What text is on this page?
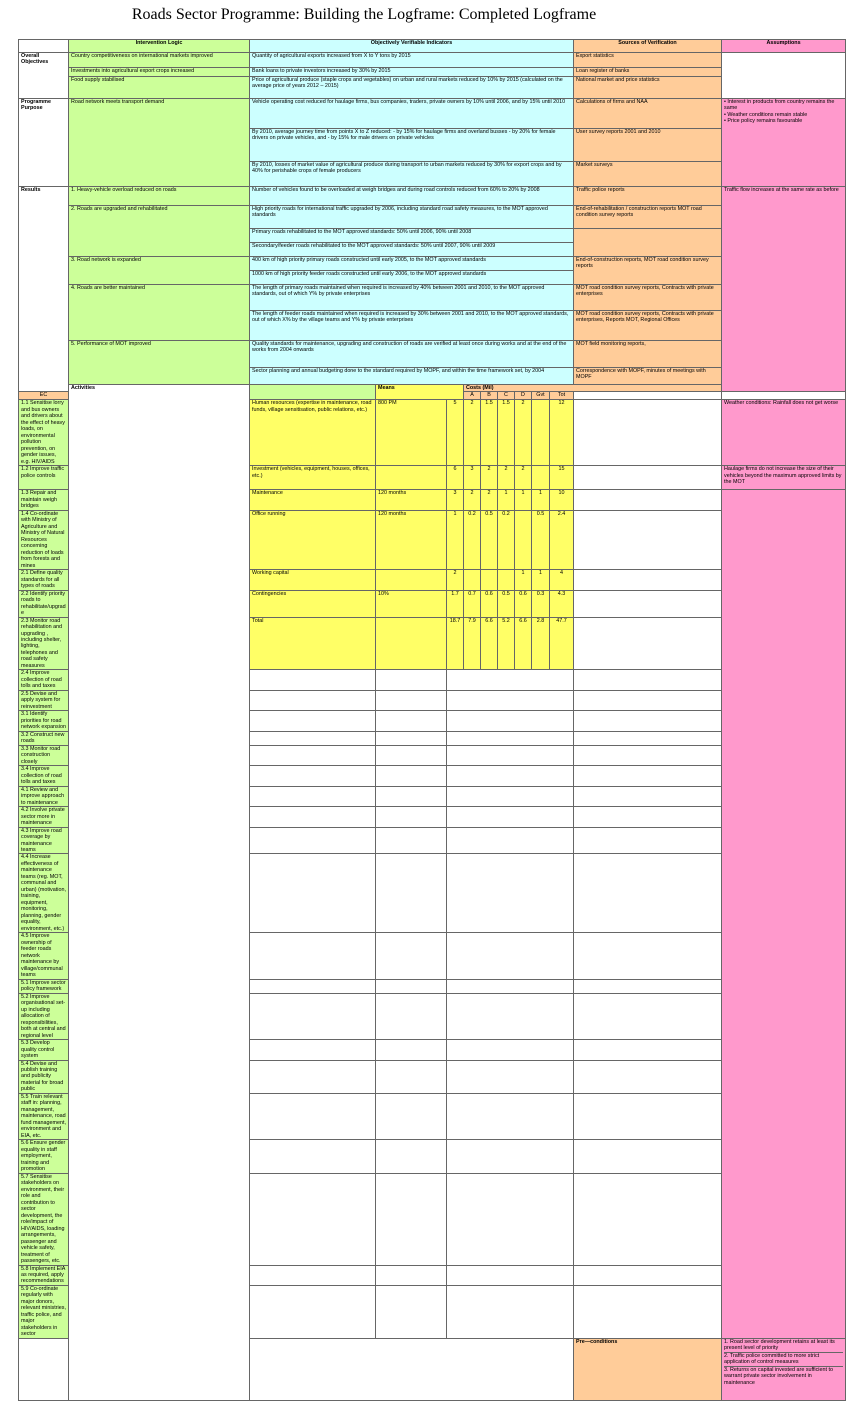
Roads Sector Programme: Building the Logframe: Completed Logframe
	Intervention Logic	Objectively Verifiable Indicators									Sources of Verification	Assumptions	
Overall Objectives	Country competitiveness on international markets improved	Quantity of agricultural exports increased from X to Y tons by 2015									Export statistics		
	Investments into agricultural export crops increased	Bank loans to private investors increased by 30% by 2015									Loan register of banks		
	Food supply stabilised	Price of agricultural produce (staple crops and vegetables) on urban and rural markets reduced by 10% by 2015 (calculated on the average price of years 2012 – 2015)									National market and price statistics		
Programme Purpose	Road network meets transport demand	Vehicle operating cost reduced for haulage firms, bus companies, traders, private owners by 10% until 2006, and by 15% until 2010									Calculations of firms and NAA	• Interest in products from country remains the same
• Weather conditions remain stable
• Price policy remains favourable	

		By 2010, average journey time from points X to Z reduced: - by 15% for haulage firms and overland busses - by 20% for female drivers on private vehicles, and - by 15% for male drivers on private vehicles									User survey reports 2001 and 2010		
		By 2010, losses of market value of agricultural produce during transport to urban markets reduced by 30% for export crops and by 40% for perishable crops of female producers									Market surveys		
Results	1. Heavy-vehicle overload reduced on roads	Number of vehicles found to be overloaded at weigh bridges and during road controls reduced from 60% to 20% by 2008									Traffic police reports	Traffic flow increases at the same rate as before	
	2. Roads are upgraded and rehabilitated	High priority roads for international traffic upgraded by 2006, including standard road safety measures, to the MOT approved standards									End-of-rehabilitation / construction reports MOT road condition survey reports		
		Primary roads rehabilitated to the MOT approved standards: 50% until 2006, 90% until 2008											
		Secondary/feeder roads rehabilitated to the MOT approved standards: 50% until 2007, 90% until 2009											
	3. Road network is expanded	400 km of high priority primary roads constructed until early 2005, to the MOT approved standards									End-of-construction reports, MOT road condition survey reports		
		1000 km of high priority feeder roads constructed until early 2006, to the MOT approved standards											
	4. Roads are better maintained	The length of primary roads maintained when required is increased by 40% between 2001 and 2010, to the MOT approved standards, out of which Y% by private enterprises									MOT road condition survey reports, Contracts with private enterprises		
		The length of feeder roads maintained when required is increased by 30% between 2001 and 2010, to the MOT approved standards, out of which X% by the village teams and Y% by private enterprises									MOT road condition survey reports, Contracts with private enterprises, Reports MOT, Regional Offices		
	5. Performance of MOT improved	Quality standards for maintenance, upgrading and construction of roads are verified at least once during works and at the end of the works from 2004 onwards									MOT field monitoring reports,		
		Sector planning and annual budgeting done to the standard required by MOPF, and within the time framework set, by 2004									Correspondence with MOPF, minutes of meetings with MOPF		
	Activities		Means		Costs (Mil)								
EC					A	B	C	D	Gvt	Tot			
1.1 Sensitise lorry and bus owners and drivers about the effect of heavy loads, on environmental pollution prevention, on gender issues, e.g. HIV/AIDS		Human resources (expertise in maintenance, road funds, village sensitisation, public relations, etc.)	800 PM	5	2	1.5	1.5	2		12		Weather conditions: Rainfall does not get worse	
1.2 Improve traffic police controls		Investment (vehicles, equipment, houses, offices, etc.)		6	3	2	2	2		15		Haulage firms do not increase the size of their vehicles beyond the maximum approved limits by the MOT	
1.3 Repair and maintain weigh bridges		Maintenance	120 months	3	2	2	1	1	1	10			
1.4 Co-ordinate with Ministry of Agriculture and Ministry of Natural Resources concerning reduction of loads from forests and mines		Office running	120 months	1	0.2	0.5	0.2		0.5	2.4			
2.1 Define quality standards for all types of roads		Working capital		2				1	1	4			
2.2 Identify priority roads to rehabilitate/upgrade		Contingencies	10%	1.7	0.7	0.6	0.5	0.6	0.3	4.3			
2.3 Monitor road rehabilitation and upgrading , including shelter, lighting, telephones and road safety measures		Total		18.7	7.9	6.6	5.2	6.6	2.8	47.7			
2.4 Improve collection of road tolls and taxes													
2.5 Devise and apply system for reinvestment													
3.1 Identify priorities for road network expansion													
3.2 Construct new roads													
3.3 Monitor road construction closely													
3.4 Improve collection of road tolls and taxes													
4.1 Review and improve approach to maintenance													
4.2 Involve private sector more in maintenance													
4.3 Improve road coverage by maintenance teams													
4.4 Increase effectiveness of maintenance teams (reg. MOT, communal and urban) (motivation, training, equipment, monitoring, planning, gender equality, environment, etc.)													
4.5 Improve ownership of feeder roads network maintenance by village/communal teams													
5.1 Improve sector policy framework													
5.2 Improve organisational set-up including allocation of responsibilities, both at central and regional level													
5.3 Develop quality control system													
5.4 Devise and publish training and publicity material for broad public													
5.5 Train relevant staff in: planning, management, maintenance, road fund management, environment and EIA, etc.													
5.6 Ensure gender equality in staff employment, training and promotion													
5.7 Sensitise stakeholders on environment, their role and contribution to sector development, the role/impact of HIV/AIDS, loading arrangements, passenger and vehicle safety, treatment of passengers, etc.													
5.8 Implement EIA as required, apply recommendations													
5.9 Co-ordinate regularly with major donors, relevant ministries, traffic police, and major stakeholders in sector													
											Pre—conditions	1. Road sector development retains at least its present level of priority
2. Traffic police committed to more strict application of control measures
3. Returns on capital invested are sufficient to warrant private sector involvement in maintenance	
